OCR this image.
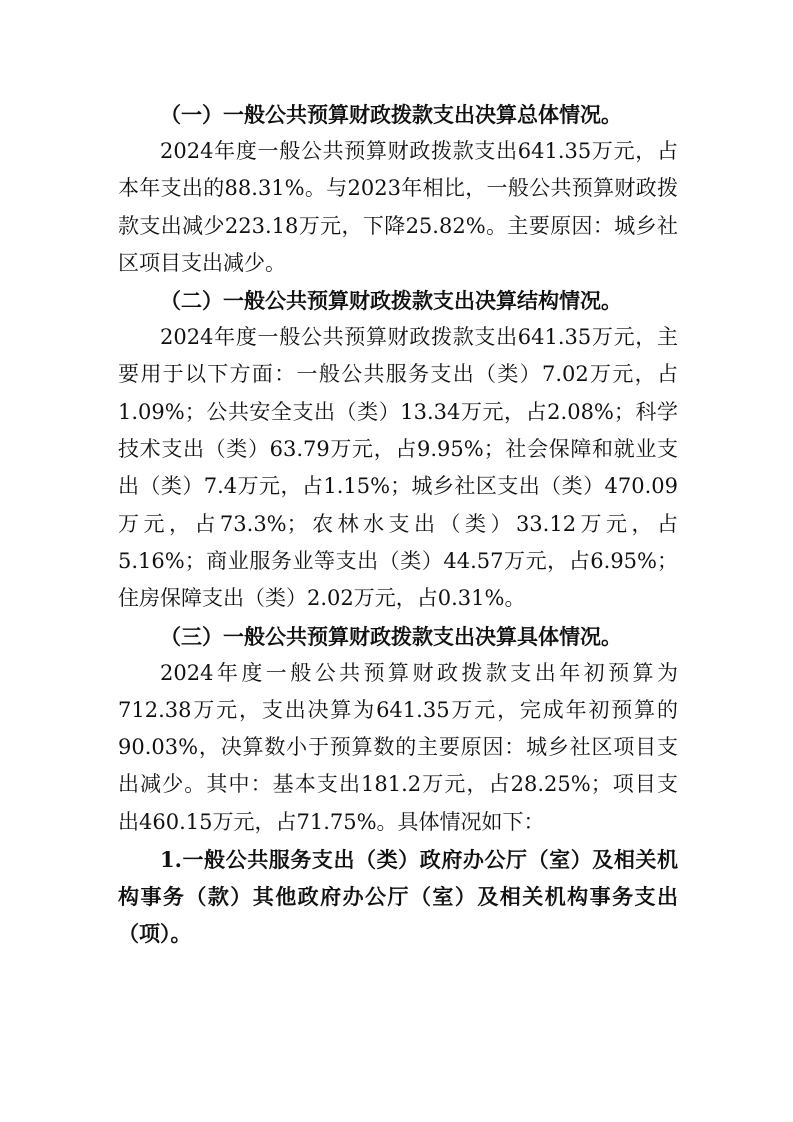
（一）一般公共预算财政拨款支出决算总体情况。

2024年度一般公共预算财政拨款支出641.35万元，占本年支出的88.31%。与2023年相比，一般公共预算财政拨款支出减少223.18万元，下降25.82%。主要原因：城乡社区项目支出减少。

（二）一般公共预算财政拨款支出决算结构情况。

2024年度一般公共预算财政拨款支出641.35万元，主要用于以下方面：一般公共服务支出（类）7.02万元，占1.09%；公共安全支出（类）13.34万元，占2.08%；科学技术支出（类）63.79万元，占9.95%；社会保障和就业支出（类）7.4万元，占1.15%；城乡社区支出（类）470.09万元，占73.3%；农林水支出（类）33.12万元，占5.16%；商业服务业等支出（类）44.57万元，占6.95%；住房保障支出（类）2.02万元，占0.31%。

（三）一般公共预算财政拨款支出决算具体情况。

2024年度一般公共预算财政拨款支出年初预算为712.38万元，支出决算为641.35万元，完成年初预算的90.03%，决算数小于预算数的主要原因：城乡社区项目支出减少。其中：基本支出181.2万元，占28.25%；项目支出460.15万元，占71.75%。具体情况如下：

1.一般公共服务支出（类）政府办公厅（室）及相关机构事务（款）其他政府办公厅（室）及相关机构事务支出（项）。
